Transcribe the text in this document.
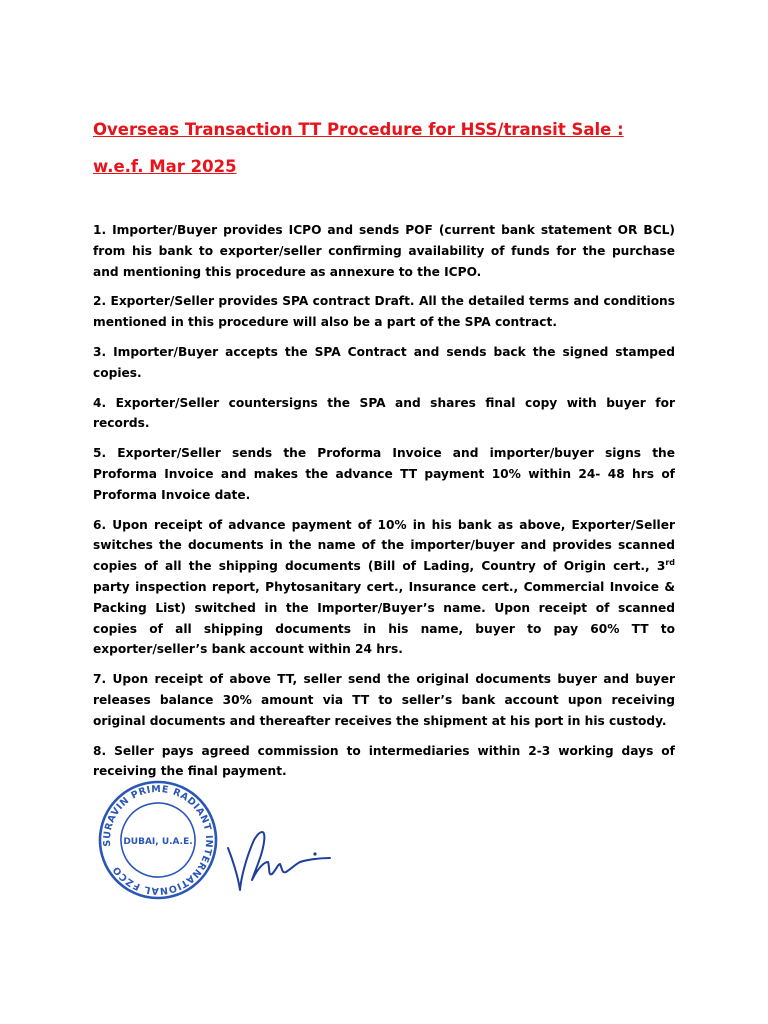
Overseas Transaction TT Procedure for HSS/transit Sale :
w.e.f. Mar 2025

1. Importer/Buyer provides ICPO and sends POF (current bank statement OR BCL) from his bank to exporter/seller confirming availability of funds for the purchase and mentioning this procedure as annexure to the ICPO.

2. Exporter/Seller provides SPA contract Draft. All the detailed terms and conditions mentioned in this procedure will also be a part of the SPA contract.

3. Importer/Buyer accepts the SPA Contract and sends back the signed stamped copies.

4. Exporter/Seller countersigns the SPA and shares final copy with buyer for records.

5. Exporter/Seller sends the Proforma Invoice and importer/buyer signs the Proforma Invoice and makes the advance TT payment 10% within 24- 48 hrs of Proforma Invoice date.

6. Upon receipt of advance payment of 10% in his bank as above, Exporter/Seller switches the documents in the name of the importer/buyer and provides scanned copies of all the shipping documents (Bill of Lading, Country of Origin cert., 3rd party inspection report, Phytosanitary cert., Insurance cert., Commercial Invoice & Packing List) switched in the Importer/Buyer’s name. Upon receipt of scanned copies of all shipping documents in his name, buyer to pay 60% TT to exporter/seller’s bank account within 24 hrs.

7. Upon receipt of above TT, seller send the original documents buyer and buyer releases balance 30% amount via TT to seller’s bank account upon receiving original documents and thereafter receives the shipment at his port in his custody.

8. Seller pays agreed commission to intermediaries within 2-3 working days of receiving the final payment.

SURAVIN PRIME RADIANT INTERNATIONAL FZCO
DUBAI, U.A.E.
